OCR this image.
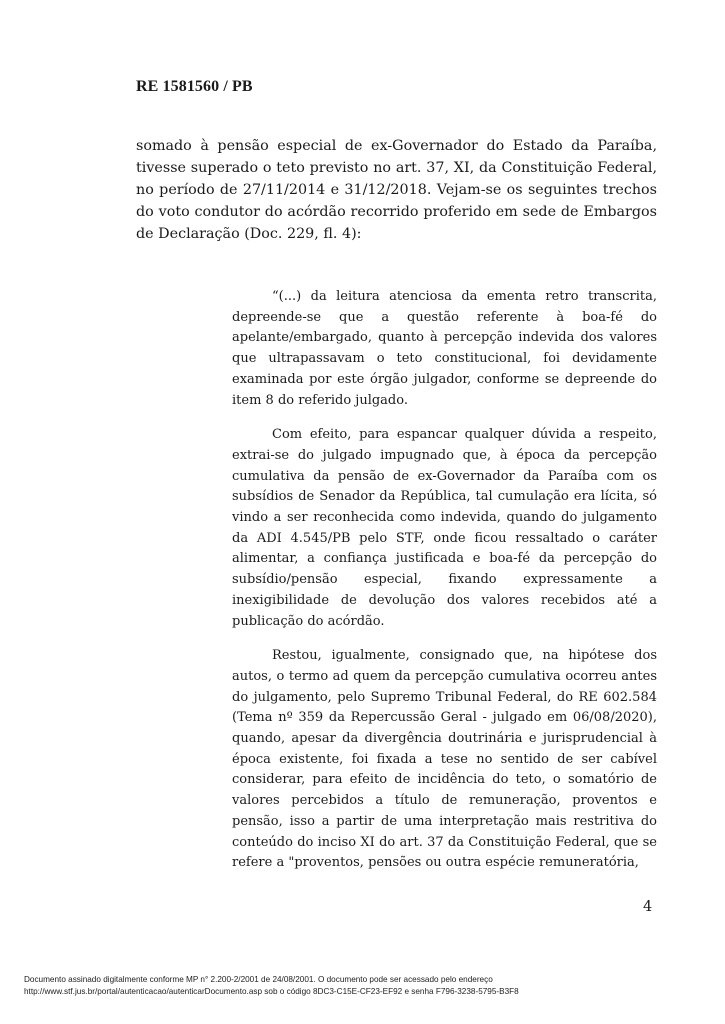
RE 1581560 / PB
somado à pensão especial de ex-Governador do Estado da Paraíba, tivesse superado o teto previsto no art. 37, XI, da Constituição Federal, no período de 27/11/2014 e 31/12/2018. Vejam-se os seguintes trechos do voto condutor do acórdão recorrido proferido em sede de Embargos de Declaração (Doc. 229, fl. 4):

“(...) da leitura atenciosa da ementa retro transcrita, depreende-se que a questão referente à boa-fé do apelante/embargado, quanto à percepção indevida dos valores que ultrapassavam o teto constitucional, foi devidamente examinada por este órgão julgador, conforme se depreende do item 8 do referido julgado.

Com efeito, para espancar qualquer dúvida a respeito, extrai-se do julgado impugnado que, à época da percepção cumulativa da pensão de ex-Governador da Paraíba com os subsídios de Senador da República, tal cumulação era lícita, só vindo a ser reconhecida como indevida, quando do julgamento da ADI 4.545/PB pelo STF, onde ficou ressaltado o caráter alimentar, a confiança justificada e boa-fé da percepção do subsídio/pensão especial, fixando expressamente a inexigibilidade de devolução dos valores recebidos até a publicação do acórdão.

Restou, igualmente, consignado que, na hipótese dos autos, o termo ad quem da percepção cumulativa ocorreu antes do julgamento, pelo Supremo Tribunal Federal, do RE 602.584 (Tema nº 359 da Repercussão Geral - julgado em 06/08/2020), quando, apesar da divergência doutrinária e jurisprudencial à época existente, foi fixada a tese no sentido de ser cabível considerar, para efeito de incidência do teto, o somatório de valores percebidos a título de remuneração, proventos e pensão, isso a partir de uma interpretação mais restritiva do conteúdo do inciso XI do art. 37 da Constituição Federal, que se refere a "proventos, pensões ou outra espécie remuneratória,

4
Documento assinado digitalmente conforme MP n° 2.200-2/2001 de 24/08/2001. O documento pode ser acessado pelo endereço
http://www.stf.jus.br/portal/autenticacao/autenticarDocumento.asp sob o código 8DC3-C15E-CF23-EF92 e senha F796-3238-5795-B3F8
